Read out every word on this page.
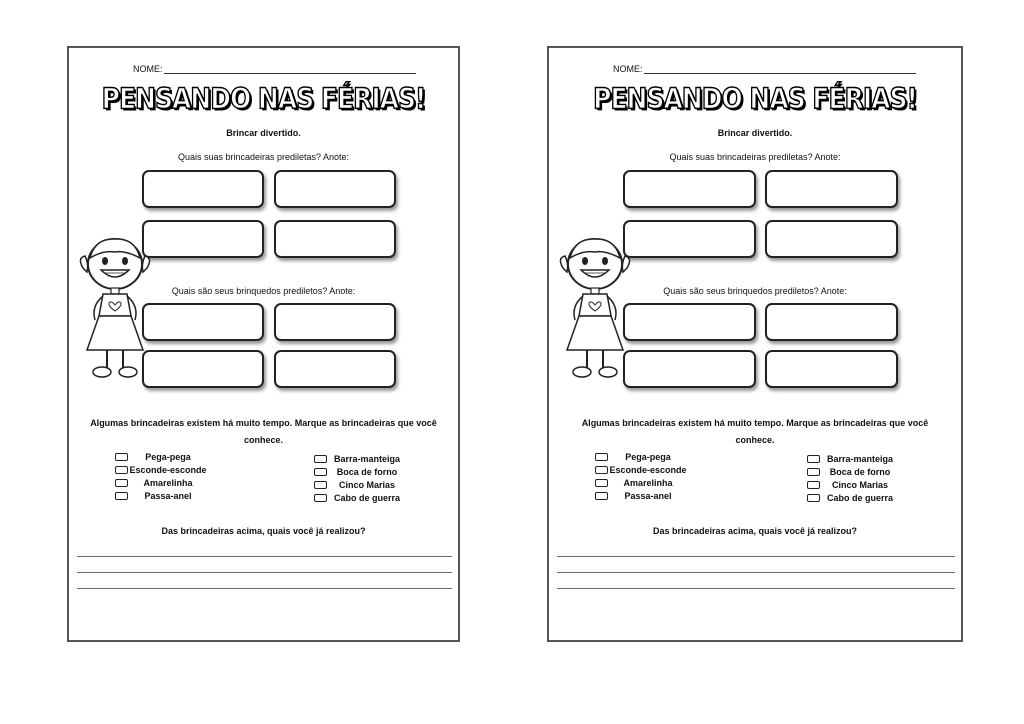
NOME:
PENSANDO NAS FÉRIAS!
Brincar divertido.
Quais suas brincadeiras prediletas? Anote:
Quais são seus brinquedos prediletos? Anote:
Algumas brincadeiras existem há muito tempo. Marque as brincadeiras que você conhece.
Pega-pega
Esconde-esconde
Amarelinha
Passa-anel
Barra-manteiga
Boca de forno
Cinco Marias
Cabo de guerra
Das brincadeiras acima, quais você já realizou?
NOME:
PENSANDO NAS FÉRIAS!
Brincar divertido.
Quais suas brincadeiras prediletas? Anote:
Quais são seus brinquedos prediletos? Anote:
Algumas brincadeiras existem há muito tempo. Marque as brincadeiras que você conhece.
Pega-pega
Esconde-esconde
Amarelinha
Passa-anel
Barra-manteiga
Boca de forno
Cinco Marias
Cabo de guerra
Das brincadeiras acima, quais você já realizou?
